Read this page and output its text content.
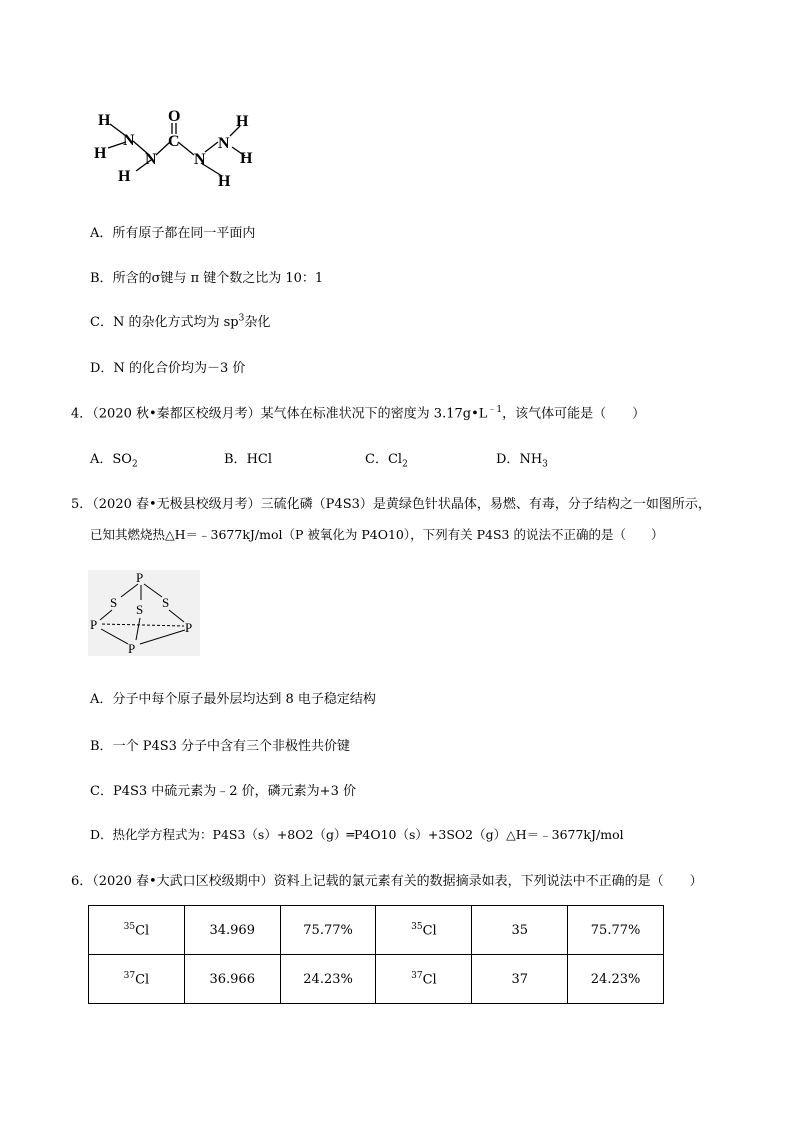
H
H
H
N
N
C
O
N
N
H
H
H
A．所有原子都在同一平面内
B．所含的σ键与 π 键个数之比为 10：1
C．N 的杂化方式均为 $sp^3$杂化
D．N 的化合价均为－3 价
4．（2020 秋•秦都区校级月考）某气体在标准状况下的密度为 $3.17g•L^{﹣1}$，该气体可能是（　　）
A．$SO_2$	B．HCl	C．$Cl_2$	D．$NH_3$
5．（2020 春•无极县校级月考）三硫化磷（P4S3）是黄绿色针状晶体，易燃、有毒，分子结构之一如图所示，
已知其燃烧热△H＝﹣3677kJ/mol（P 被氧化为 P4O10），下列有关 P4S3 的说法不正确的是（　　）
P
S S S
P	P
P
A．分子中每个原子最外层均达到 8 电子稳定结构
B．一个 P4S3 分子中含有三个非极性共价键
C．P4S3 中硫元素为﹣2 价，磷元素为+3 价
D．热化学方程式为：P4S3（s）+8O2（g）═P4O10（s）+3SO2（g）△H＝﹣3677kJ/mol
6．（2020 春•大武口区校级期中）资料上记载的氯元素有关的数据摘录如表，下列说法中不正确的是（　　）
$^{35}$Cl	34.969	75.77%	$^{35}$Cl	35	75.77%
$^{37}$Cl	36.966	24.23%	$^{37}$Cl	37	24.23%
